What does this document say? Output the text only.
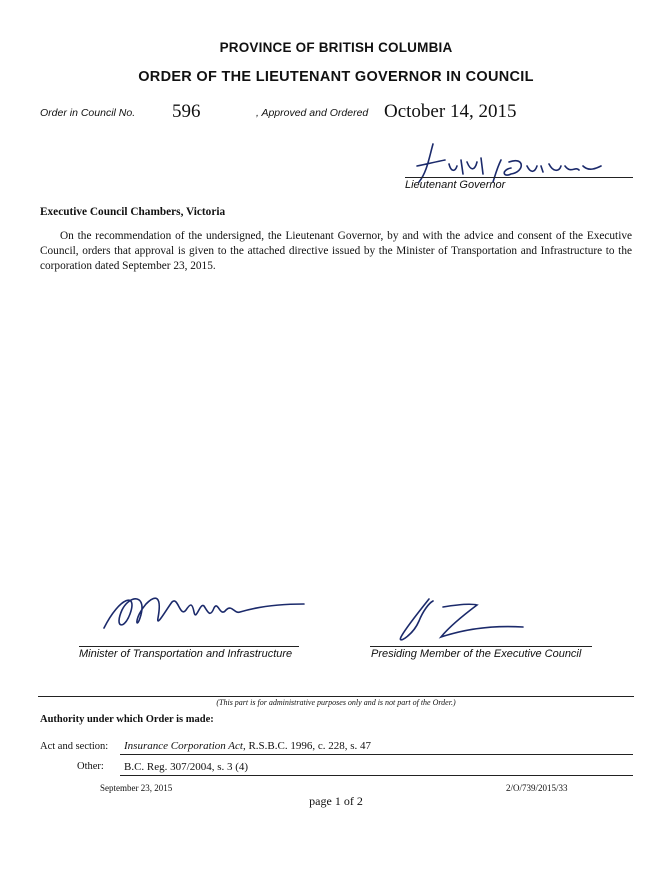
PROVINCE OF BRITISH COLUMBIA
ORDER OF THE LIEUTENANT GOVERNOR IN COUNCIL
Order in Council No. 596	, Approved and Ordered October 14, 2015
Lieutenant Governor
Executive Council Chambers, Victoria
On the recommendation of the undersigned, the Lieutenant Governor, by and with the advice and consent of the Executive Council, orders that approval is given to the attached directive issued by the Minister of Transportation and Infrastructure to the corporation dated September 23, 2015.
Minister of Transportation and Infrastructure	Presiding Member of the Executive Council
(This part is for administrative purposes only and is not part of the Order.)
Authority under which Order is made:
Act and section: Insurance Corporation Act, R.S.B.C. 1996, c. 228, s. 47
Other: B.C. Reg. 307/2004, s. 3 (4)
September 23, 2015	2/O/739/2015/33
page 1 of 2
